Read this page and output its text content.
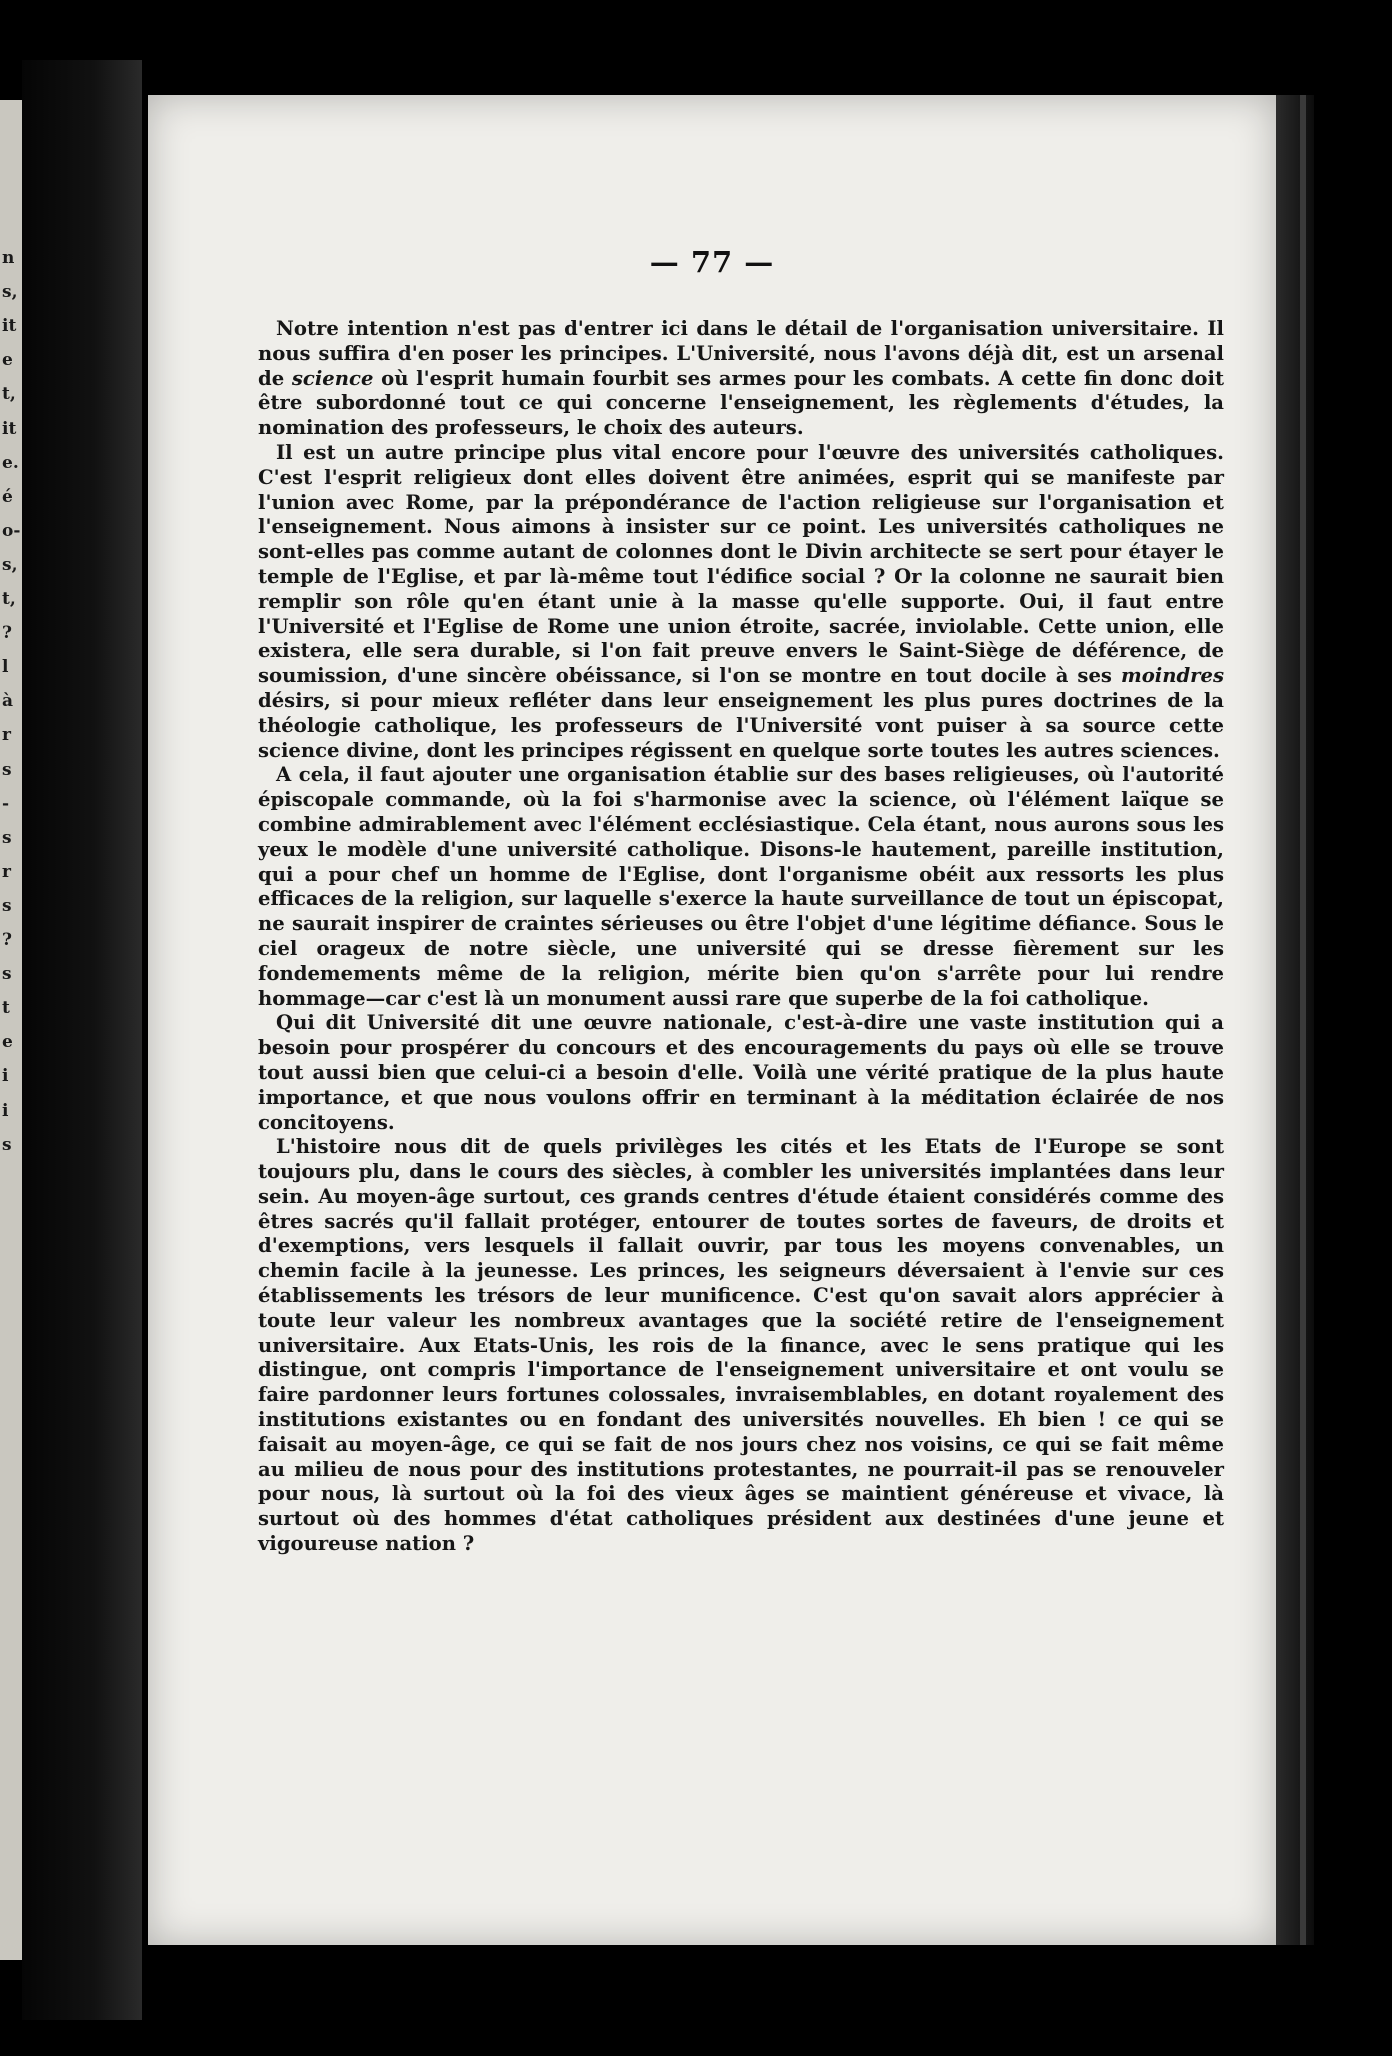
n
s,
it
e
t,
it
e.
é
o-
s,
t,
?
l
à
r
s
-
s
r
s
?
s
t
e
i
i
s
— 77 —

Notre intention n'est pas d'entrer ici dans le détail de l'organisation universitaire. Il nous suffira d'en poser les principes. L'Université, nous l'avons déjà dit, est un arsenal de science où l'esprit humain fourbit ses armes pour les combats. A cette fin donc doit être subordonné tout ce qui concerne l'enseignement, les règlements d'études, la nomination des professeurs, le choix des auteurs.

Il est un autre principe plus vital encore pour l'œuvre des universités catholiques. C'est l'esprit religieux dont elles doivent être animées, esprit qui se manifeste par l'union avec Rome, par la prépondérance de l'action religieuse sur l'organisation et l'enseignement. Nous aimons à insister sur ce point. Les universités catholiques ne sont-elles pas comme autant de colonnes dont le Divin architecte se sert pour étayer le temple de l'Eglise, et par là-même tout l'édifice social ? Or la colonne ne saurait bien remplir son rôle qu'en étant unie à la masse qu'elle supporte. Oui, il faut entre l'Université et l'Eglise de Rome une union étroite, sacrée, inviolable. Cette union, elle existera, elle sera durable, si l'on fait preuve envers le Saint-Siège de déférence, de soumission, d'une sincère obéissance, si l'on se montre en tout docile à ses moindres désirs, si pour mieux refléter dans leur enseignement les plus pures doctrines de la théologie catholique, les professeurs de l'Université vont puiser à sa source cette science divine, dont les principes régissent en quelque sorte toutes les autres sciences.

A cela, il faut ajouter une organisation établie sur des bases religieuses, où l'autorité épiscopale commande, où la foi s'harmonise avec la science, où l'élément laïque se combine admirablement avec l'élément ecclésiastique. Cela étant, nous aurons sous les yeux le modèle d'une université catholique. Disons-le hautement, pareille institution, qui a pour chef un homme de l'Eglise, dont l'organisme obéit aux ressorts les plus efficaces de la religion, sur laquelle s'exerce la haute surveillance de tout un épiscopat, ne saurait inspirer de craintes sérieuses ou être l'objet d'une légitime défiance. Sous le ciel orageux de notre siècle, une université qui se dresse fièrement sur les fondemements même de la religion, mérite bien qu'on s'arrête pour lui rendre hommage—car c'est là un monument aussi rare que superbe de la foi catholique.

Qui dit Université dit une œuvre nationale, c'est-à-dire une vaste institution qui a besoin pour prospérer du concours et des encouragements du pays où elle se trouve tout aussi bien que celui-ci a besoin d'elle. Voilà une vérité pratique de la plus haute importance, et que nous voulons offrir en terminant à la méditation éclairée de nos concitoyens.

L'histoire nous dit de quels privilèges les cités et les Etats de l'Europe se sont toujours plu, dans le cours des siècles, à combler les universités implantées dans leur sein. Au moyen-âge surtout, ces grands centres d'étude étaient considérés comme des êtres sacrés qu'il fallait protéger, entourer de toutes sortes de faveurs, de droits et d'exemptions, vers lesquels il fallait ouvrir, par tous les moyens convenables, un chemin facile à la jeunesse. Les princes, les seigneurs déversaient à l'envie sur ces établissements les trésors de leur munificence. C'est qu'on savait alors apprécier à toute leur valeur les nombreux avantages que la société retire de l'enseignement universitaire. Aux Etats-Unis, les rois de la finance, avec le sens pratique qui les distingue, ont compris l'importance de l'enseignement universitaire et ont voulu se faire pardonner leurs fortunes colossales, invraisemblables, en dotant royalement des institutions existantes ou en fondant des universités nouvelles. Eh bien ! ce qui se faisait au moyen-âge, ce qui se fait de nos jours chez nos voisins, ce qui se fait même au milieu de nous pour des institutions protestantes, ne pourrait-il pas se renouveler pour nous, là surtout où la foi des vieux âges se maintient généreuse et vivace, là surtout où des hommes d'état catholiques président aux destinées d'une jeune et vigoureuse nation ?
